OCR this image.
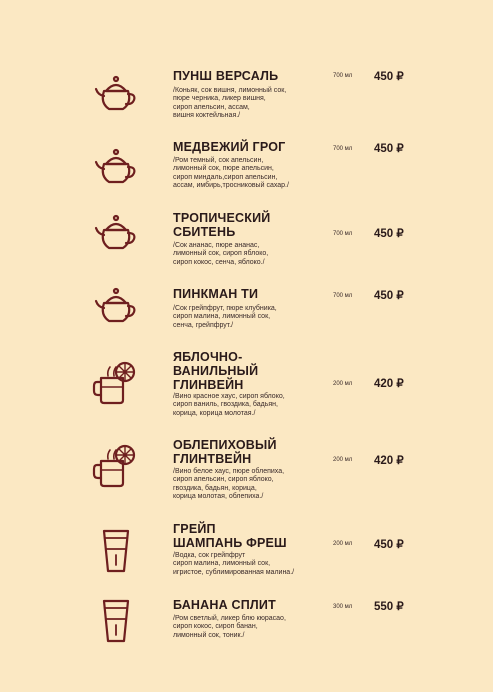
ПУНШ ВЕРСАЛЬ
/Коньяк, сок вишня, лимонный сок,
пюре черника, ликер вишня,
сироп апельсин, ассам,
вишня коктейльная./
700 мл 450 ₽
МЕДВЕЖИЙ ГРОГ
/Ром темный, сок апельсин,
лимонный сок, пюре апельсин,
сироп миндаль,сироп апельсин,
ассам, имбирь,тросниковый сахар./
700 мл 450 ₽
ТРОПИЧЕСКИЙ
СБИТЕНЬ
/Сок ананас, пюре ананас,
лимонный сок, сироп яблоко,
сироп кокос, сенча, яблоко./
700 мл 450 ₽
ПИНКМАН ТИ
/Сок грейпфрут, пюре клубника,
сироп малина, лимонный сок,
сенча, грейпфрут./
700 мл 450 ₽
ЯБЛОЧНО-
ВАНИЛЬНЫЙ
ГЛИНВЕЙН
/Вино красное хаус, сироп яблоко,
сироп ваниль, гвоздика, бадьян,
корица, корица молотая./
200 мл 420 ₽
ОБЛЕПИХОВЫЙ
ГЛИНТВЕЙН
/Вино белое хаус, пюре облепиха,
сироп апельсин, сироп яблоко,
гвоздика, бадьян, корица,
корица молотая, облепиха./
200 мл 420 ₽
ГРЕЙП
ШАМПАНЬ ФРЕШ
/Водка, сок грейпфрут
сироп малина, лимонный сок,
игристое, сублимированная малина./
200 мл 450 ₽
БАНАНА СПЛИТ
/Ром светлый, ликер блю кюрасао,
сироп кокос, сироп банан,
лимонный сок, тоник./
300 мл 550 ₽
